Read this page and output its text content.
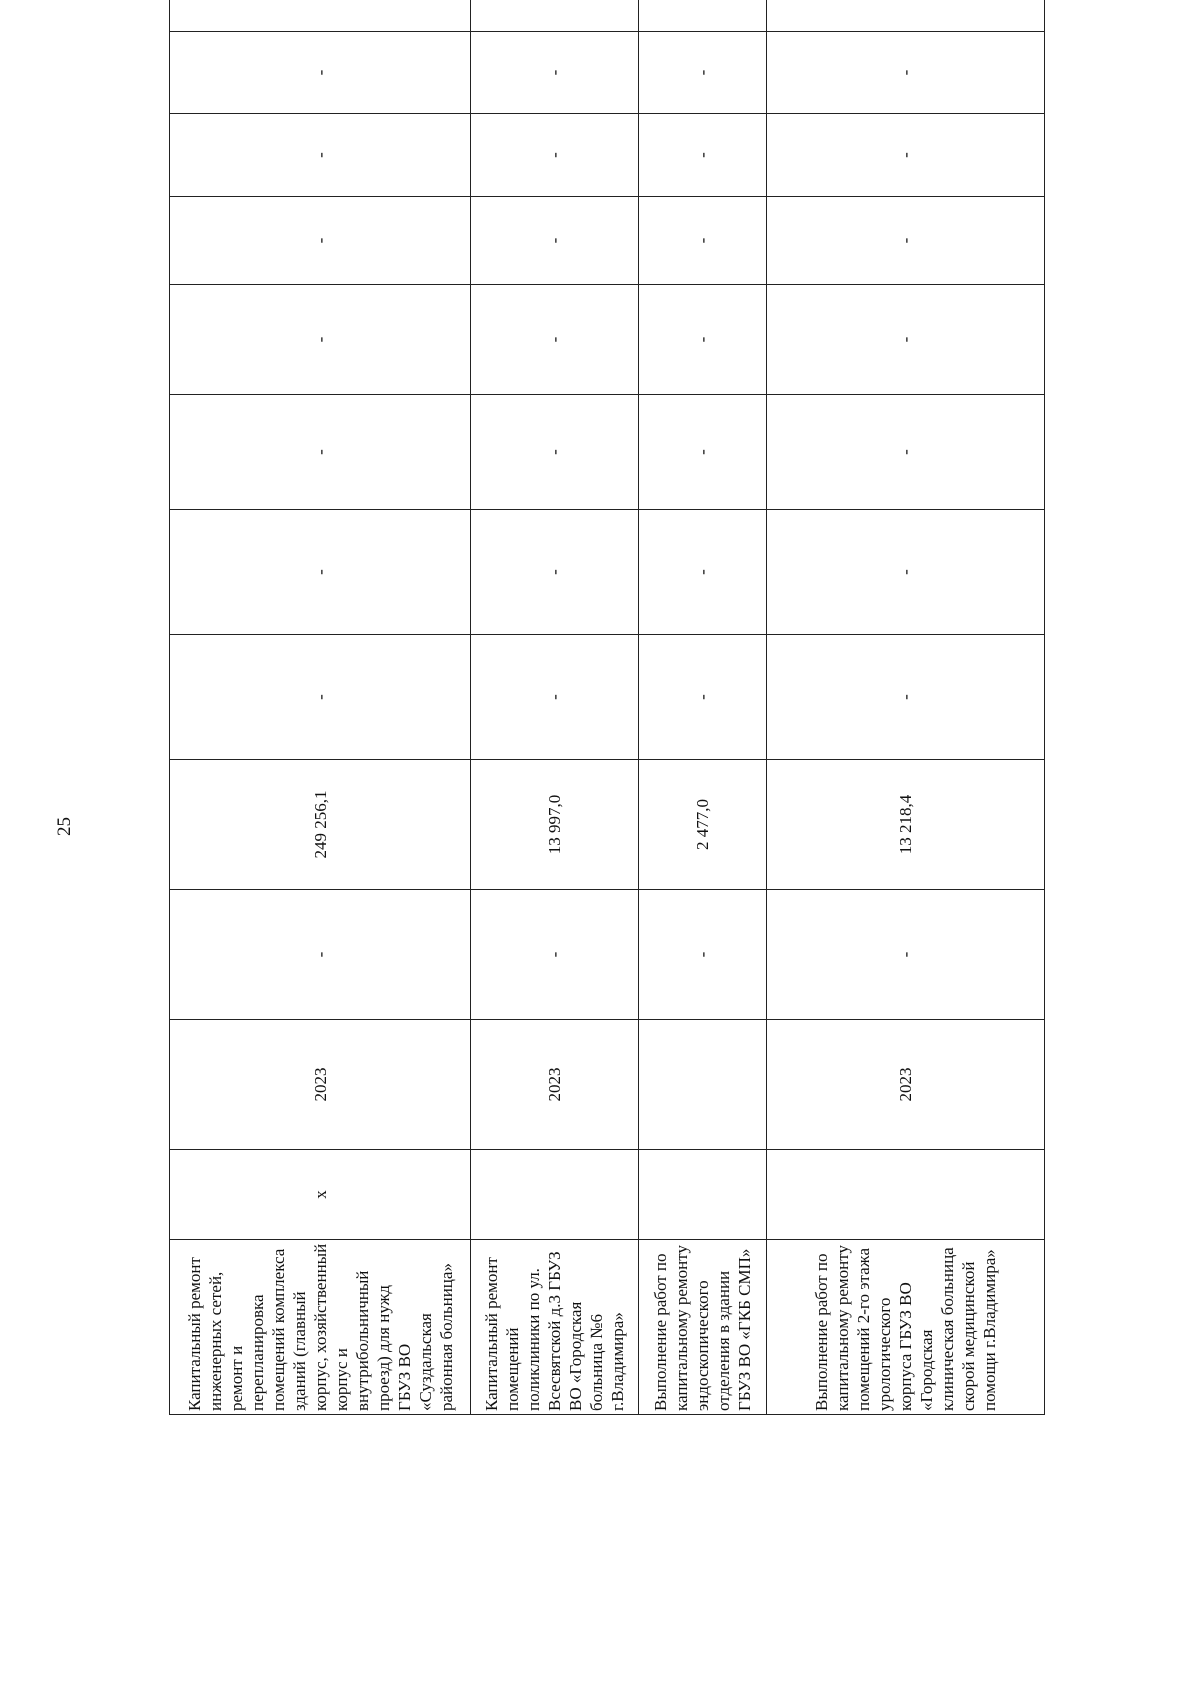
25
Капитальный ремонт инженерных сетей, ремонт и перепланировка помещений комплекса зданий (главный корпус, хозяйственный корпус и внутрибольничный проезд) для нужд ГБУЗ ВО «Суздальская районная больница»	x	2023	-	249 256,1	-	-	-	-	-	-	-	

Капитальный ремонт помещений поликлиники по ул. Всесвятской д.3 ГБУЗ ВО «Городская больница №6 г.Владимира»		2023	-	13 997,0	-	-	-	-	-	-	-	

Выполнение работ по капитальному ремонту эндоскопического отделения в здании ГБУЗ ВО «ГКБ СМП»			-	2 477,0	-	-	-	-	-	-	-	

Выполнение работ по капитальному ремонту помещений 2-го этажа урологического корпуса ГБУЗ ВО «Городская клиническая больница скорой медицинской помощи г.Владимира»		2023	-	13 218,4	-	-	-	-	-	-	-	
